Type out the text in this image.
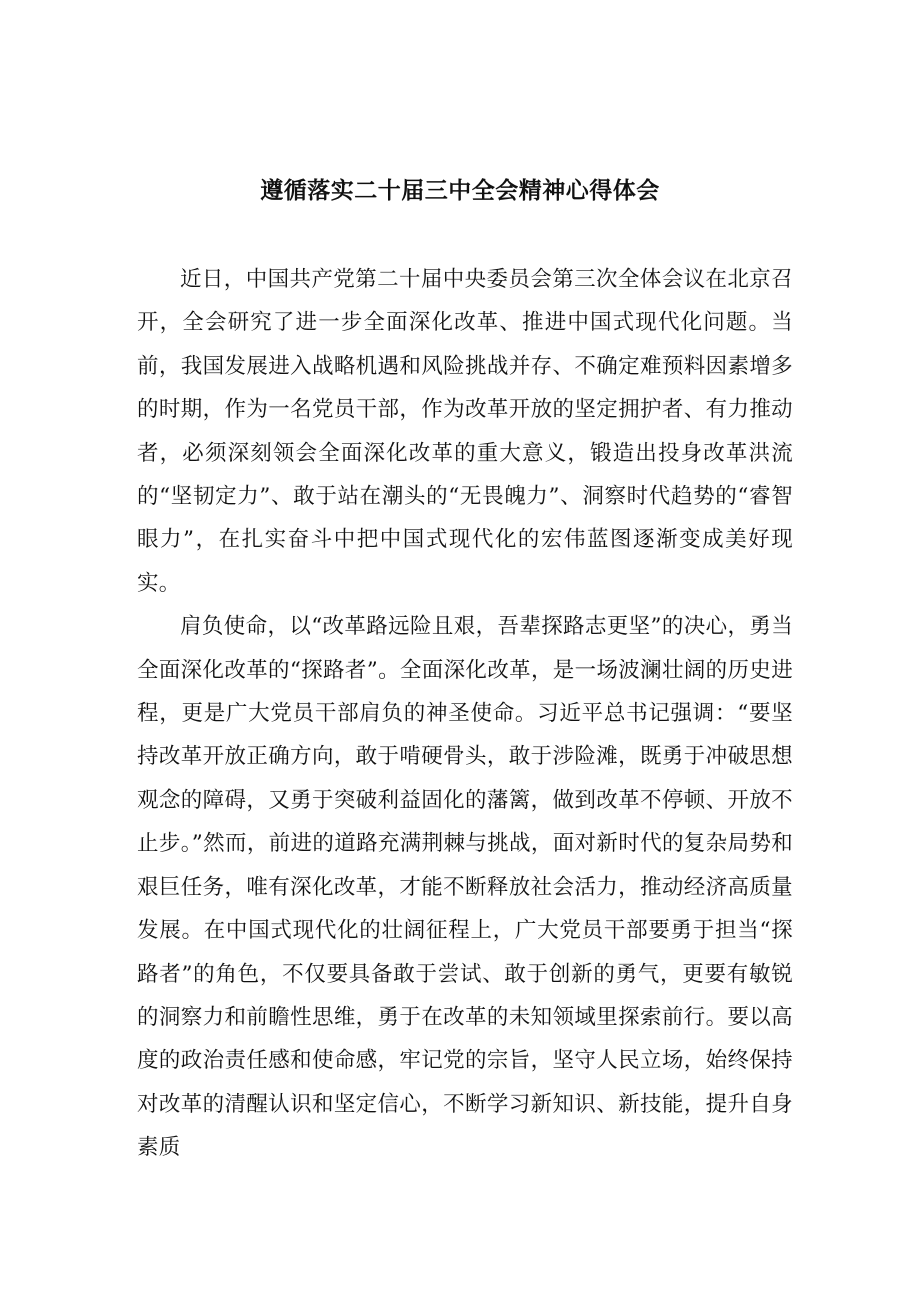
遵循落实二十届三中全会精神心得体会

近日，中国共产党第二十届中央委员会第三次全体会议在北京召开，全会研究了进一步全面深化改革、推进中国式现代化问题。当前，我国发展进入战略机遇和风险挑战并存、不确定难预料因素增多的时期，作为一名党员干部，作为改革开放的坚定拥护者、有力推动者，必须深刻领会全面深化改革的重大意义，锻造出投身改革洪流的“坚韧定力”、敢于站在潮头的“无畏魄力”、洞察时代趋势的“睿智眼力”，在扎实奋斗中把中国式现代化的宏伟蓝图逐渐变成美好现实。

肩负使命，以“改革路远险且艰，吾辈探路志更坚”的决心，勇当全面深化改革的“探路者”。全面深化改革，是一场波澜壮阔的历史进程，更是广大党员干部肩负的神圣使命。习近平总书记强调：“要坚持改革开放正确方向，敢于啃硬骨头，敢于涉险滩，既勇于冲破思想观念的障碍，又勇于突破利益固化的藩篱，做到改革不停顿、开放不止步。”然而，前进的道路充满荆棘与挑战，面对新时代的复杂局势和艰巨任务，唯有深化改革，才能不断释放社会活力，推动经济高质量发展。在中国式现代化的壮阔征程上，广大党员干部要勇于担当“探路者”的角色，不仅要具备敢于尝试、敢于创新的勇气，更要有敏锐的洞察力和前瞻性思维，勇于在改革的未知领域里探索前行。要以高度的政治责任感和使命感，牢记党的宗旨，坚守人民立场，始终保持对改革的清醒认识和坚定信心，不断学习新知识、新技能，提升自身素质
